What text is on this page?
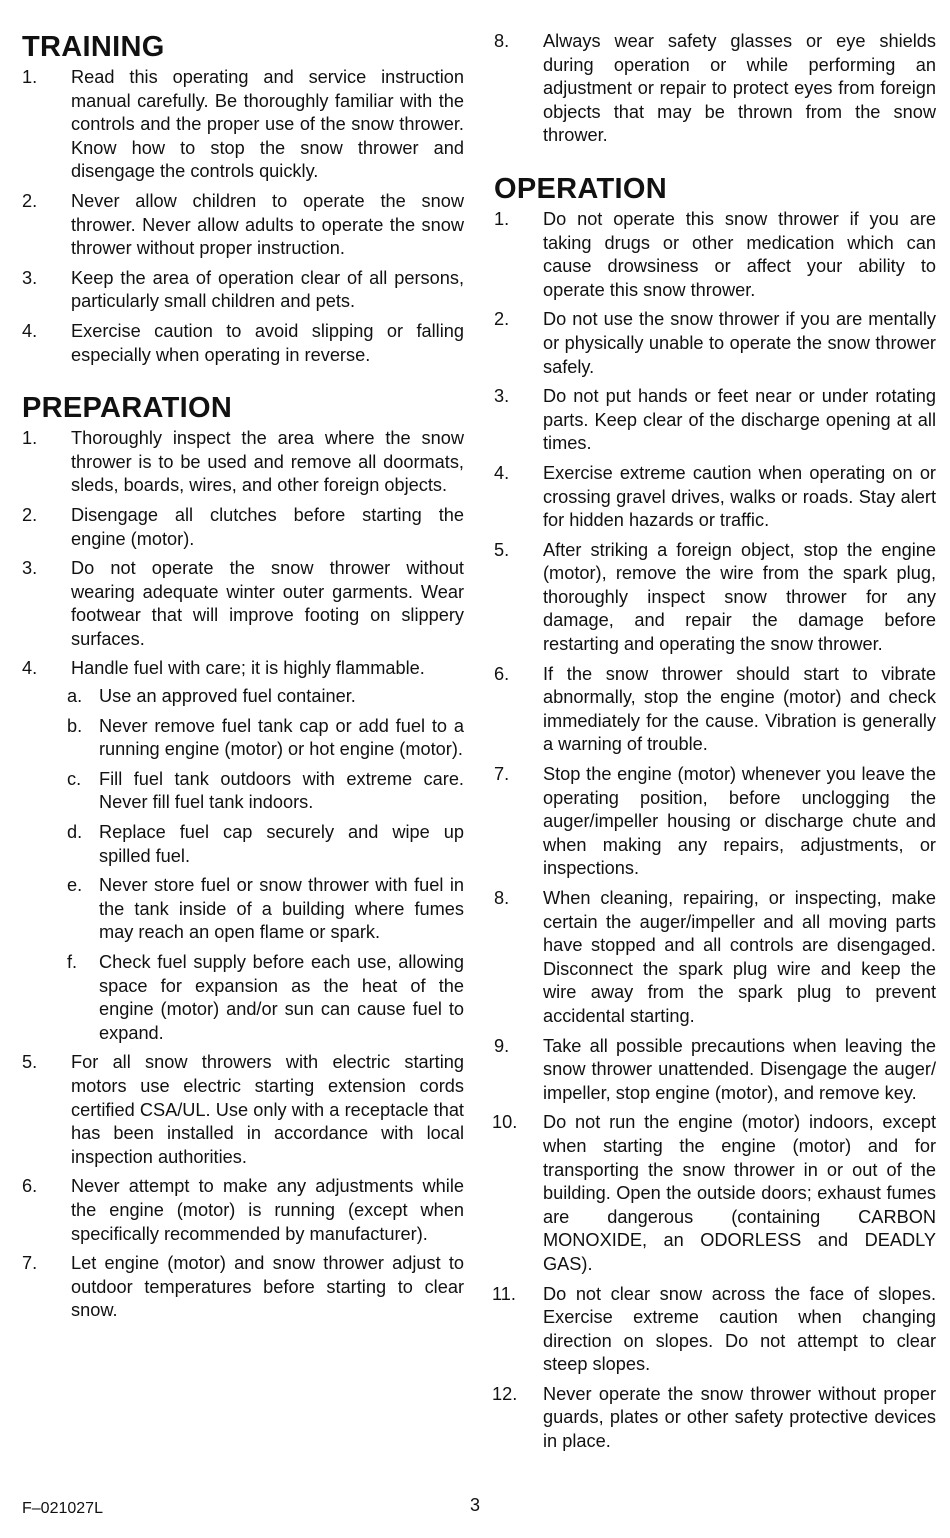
TRAINING
1.	Read this operating and service instruction manual carefully. Be thoroughly familiar with the controls and the proper use of the snow thrower. Know how to stop the snow thrower and disengage the controls quickly.
2.	Never allow children to operate the snow thrower. Never allow adults to operate the snow thrower without proper instruction.
3.	Keep the area of operation clear of all persons, particularly small children and pets.
4.	Exercise caution to avoid slipping or falling especially when operating in reverse.
PREPARATION
1.	Thoroughly inspect the area where the snow thrower is to be used and remove all doormats, sleds, boards, wires, and other foreign objects.
2.	Disengage all clutches before starting the engine (motor).
3.	Do not operate the snow thrower without wearing adequate winter outer garments. Wear footwear that will improve footing on slippery surfaces.
4.	Handle fuel with care; it is highly flammable.
a. Use an approved fuel container.
b. Never remove fuel tank cap or add fuel to a running engine (motor) or hot engine (motor).
c. Fill fuel tank outdoors with extreme care. Never fill fuel tank indoors.
d. Replace fuel cap securely and wipe up spilled fuel.
e. Never store fuel or snow thrower with fuel in the tank inside of a building where fumes may reach an open flame or spark.
f. Check fuel supply before each use, allowing space for expansion as the heat of the engine (motor) and/or sun can cause fuel to expand.
5.	For all snow throwers with electric starting motors use electric starting extension cords certified CSA/UL. Use only with a receptacle that has been installed in accordance with local inspection authorities.
6.	Never attempt to make any adjustments while the engine (motor) is running (except when specifically recommended by manufacturer).
7.	Let engine (motor) and snow thrower adjust to outdoor temperatures before starting to clear snow.
8.	Always wear safety glasses or eye shields during operation or while performing an adjustment or repair to protect eyes from foreign objects that may be thrown from the snow thrower.
OPERATION
1.	Do not operate this snow thrower if you are taking drugs or other medication which can cause drowsiness or affect your ability to operate this snow thrower.
2.	Do not use the snow thrower if you are mentally or physically unable to operate the snow thrower safely.
3.	Do not put hands or feet near or under rotating parts. Keep clear of the discharge opening at all times.
4.	Exercise extreme caution when operating on or crossing gravel drives, walks or roads. Stay alert for hidden hazards or traffic.
5.	After striking a foreign object, stop the engine (motor), remove the wire from the spark plug, thoroughly inspect snow thrower for any damage, and repair the damage before restarting and operating the snow thrower.
6.	If the snow thrower should start to vibrate abnormally, stop the engine (motor) and check immediately for the cause. Vibration is generally a warning of trouble.
7.	Stop the engine (motor) whenever you leave the operating position, before unclogging the auger/impeller housing or discharge chute and when making any repairs, adjustments, or inspections.
8.	When cleaning, repairing, or inspecting, make certain the auger/impeller and all moving parts have stopped and all controls are disengaged. Disconnect the spark plug wire and keep the wire away from the spark plug to prevent accidental starting.
9.	Take all possible precautions when leaving the snow thrower unattended. Disengage the auger/ impeller, stop engine (motor), and remove key.
10.	Do not run the engine (motor) indoors, except when starting the engine (motor) and for transporting the snow thrower in or out of the building. Open the outside doors; exhaust fumes are dangerous (containing CARBON MONOXIDE, an ODORLESS and DEADLY GAS).
11.	Do not clear snow across the face of slopes. Exercise extreme caution when changing direction on slopes. Do not attempt to clear steep slopes.
12.	Never operate the snow thrower without proper guards, plates or other safety protective devices in place.
F–021027L	3
